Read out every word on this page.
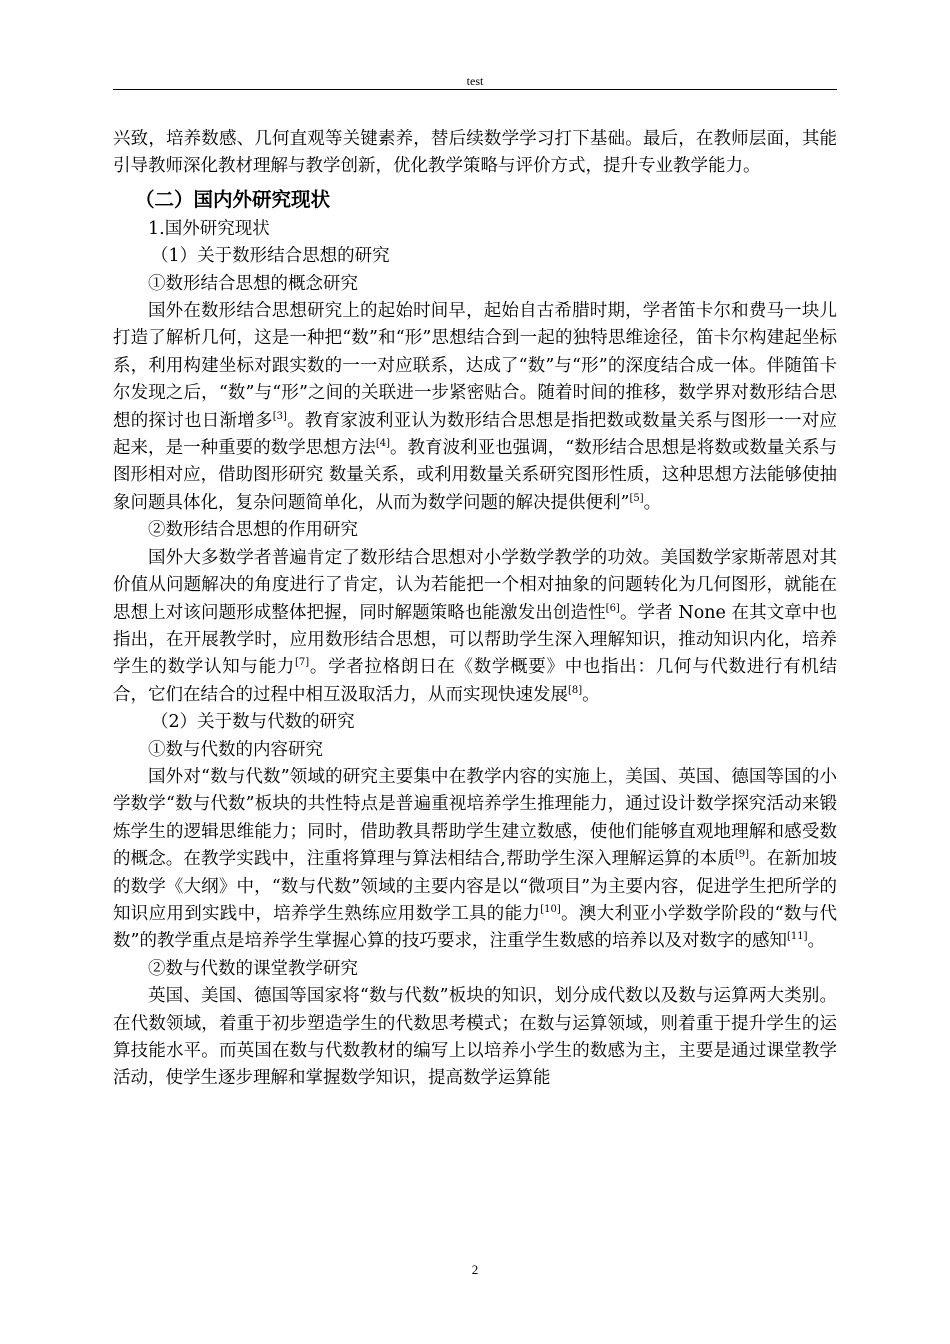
test

兴致，培养数感、几何直观等关键素养，替后续数学学习打下基础。最后，在教师层面，其能引导教师深化教材理解与教学创新，优化教学策略与评价方式，提升专业教学能力。

（二）国内外研究现状
1.国外研究现状
（1）关于数形结合思想的研究
①数形结合思想的概念研究

国外在数形结合思想研究上的起始时间早，起始自古希腊时期，学者笛卡尔和费马一块儿打造了解析几何，这是一种把“数”和“形”思想结合到一起的独特思维途径，笛卡尔构建起坐标系，利用构建坐标对跟实数的一一对应联系，达成了“数”与“形”的深度结合成一体。伴随笛卡尔发现之后，“数”与“形”之间的关联进一步紧密贴合。随着时间的推移，数学界对数形结合思想的探讨也日渐增多[3]。教育家波利亚认为数形结合思想是指把数或数量关系与图形一一对应起来，是一种重要的数学思想方法[4]。教育波利亚也强调，“数形结合思想是将数或数量关系与图形相对应，借助图形研究 数量关系，或利用数量关系研究图形性质，这种思想方法能够使抽象问题具体化，复杂问题简单化，从而为数学问题的解决提供便利”[5]。

②数形结合思想的作用研究

国外大多数学者普遍肯定了数形结合思想对小学数学教学的功效。美国数学家斯蒂恩对其价值从问题解决的角度进行了肯定，认为若能把一个相对抽象的问题转化为几何图形，就能在思想上对该问题形成整体把握，同时解题策略也能激发出创造性[6]。学者 None 在其文章中也指出，在开展教学时，应用数形结合思想，可以帮助学生深入理解知识，推动知识内化，培养学生的数学认知与能力[7]。学者拉格朗日在《数学概要》中也指出：几何与代数进行有机结合，它们在结合的过程中相互汲取活力，从而实现快速发展[8]。

（2）关于数与代数的研究
①数与代数的内容研究

国外对“数与代数”领域的研究主要集中在教学内容的实施上，美国、英国、德国等国的小学数学“数与代数”板块的共性特点是普遍重视培养学生推理能力，通过设计数学探究活动来锻炼学生的逻辑思维能力；同时，借助教具帮助学生建立数感，使他们能够直观地理解和感受数的概念。在教学实践中，注重将算理与算法相结合,帮助学生深入理解运算的本质[9]。在新加坡的数学《大纲》中，“数与代数”领域的主要内容是以“微项目”为主要内容，促进学生把所学的知识应用到实践中，培养学生熟练应用数学工具的能力[10]。澳大利亚小学数学阶段的“数与代数”的教学重点是培养学生掌握心算的技巧要求，注重学生数感的培养以及对数字的感知[11]。

②数与代数的课堂教学研究

英国、美国、德国等国家将“数与代数”板块的知识，划分成代数以及数与运算两大类别。在代数领域，着重于初步塑造学生的代数思考模式；在数与运算领域，则着重于提升学生的运算技能水平。而英国在数与代数教材的编写上以培养小学生的数感为主，主要是通过课堂教学活动，使学生逐步理解和掌握数学知识，提高数学运算能

2
